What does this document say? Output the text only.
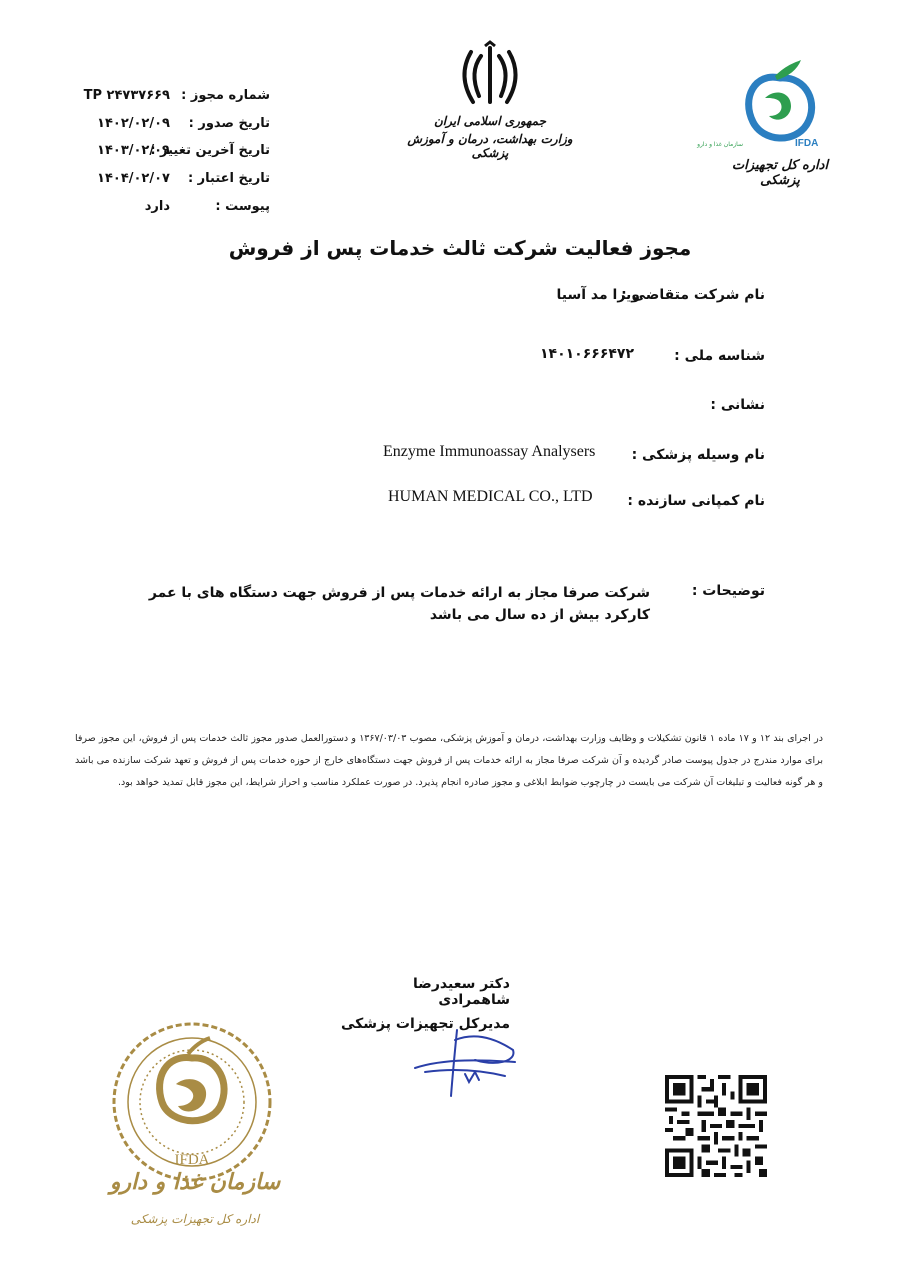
شماره مجوز :
TP ۲۴۷۳۷۶۶۹
تاریخ صدور :
۱۴۰۲/۰۲/۰۹
تاریخ آخرین تغییر :
۱۴۰۳/۰۲/۰۹
تاریخ اعتبار :
۱۴۰۴/۰۲/۰۷
پیوست :
دارد
جمهوری اسلامی ایران
وزارت بهداشت، درمان و آموزش پزشکی
IFDA
سازمان غذا و دارو
اداره کل تجهیزات پزشکی
مجوز فعالیت شرکت ثالث خدمات پس از فروش
نام شرکت متقاضی :
ویرا مد آسیا
شناسه ملی :
۱۴۰۱۰۶۶۶۴۷۲
نشانی :
نام وسیله پزشکی :
Enzyme Immunoassay Analysers
نام کمپانی سازنده :
HUMAN MEDICAL CO., LTD
توضیحات :
شرکت صرفا مجاز به ارائه خدمات پس از فروش جهت دستگاه های با عمر کارکرد بیش از ده سال می باشد
در اجرای بند ۱۲ و ۱۷ ماده ۱ قانون تشکیلات و وظایف وزارت بهداشت، درمان و آموزش پزشکی، مصوب ۱۳۶۷/۰۳/۰۳ و دستورالعمل صدور مجوز ثالث خدمات پس از فروش، این مجوز صرفا برای موارد مندرج در جدول پیوست صادر گردیده و آن شرکت صرفا مجاز به ارائه خدمات پس از فروش جهت دستگاه‌های خارج از حوزه خدمات پس از فروش و تعهد شرکت سازنده می باشد و هر گونه فعالیت و تبلیغات آن شرکت می بایست در چارچوب ضوابط ابلاغی و مجوز صادره انجام پذیرد. در صورت عملکرد مناسب و احراز شرایط، این مجوز قابل تمدید خواهد بود.
دکتر سعیدرضا شاهمرادی
مدیرکل تجهیزات پزشکی
IFDA
سازمان غذا و دارو
اداره کل تجهیزات پزشکی
